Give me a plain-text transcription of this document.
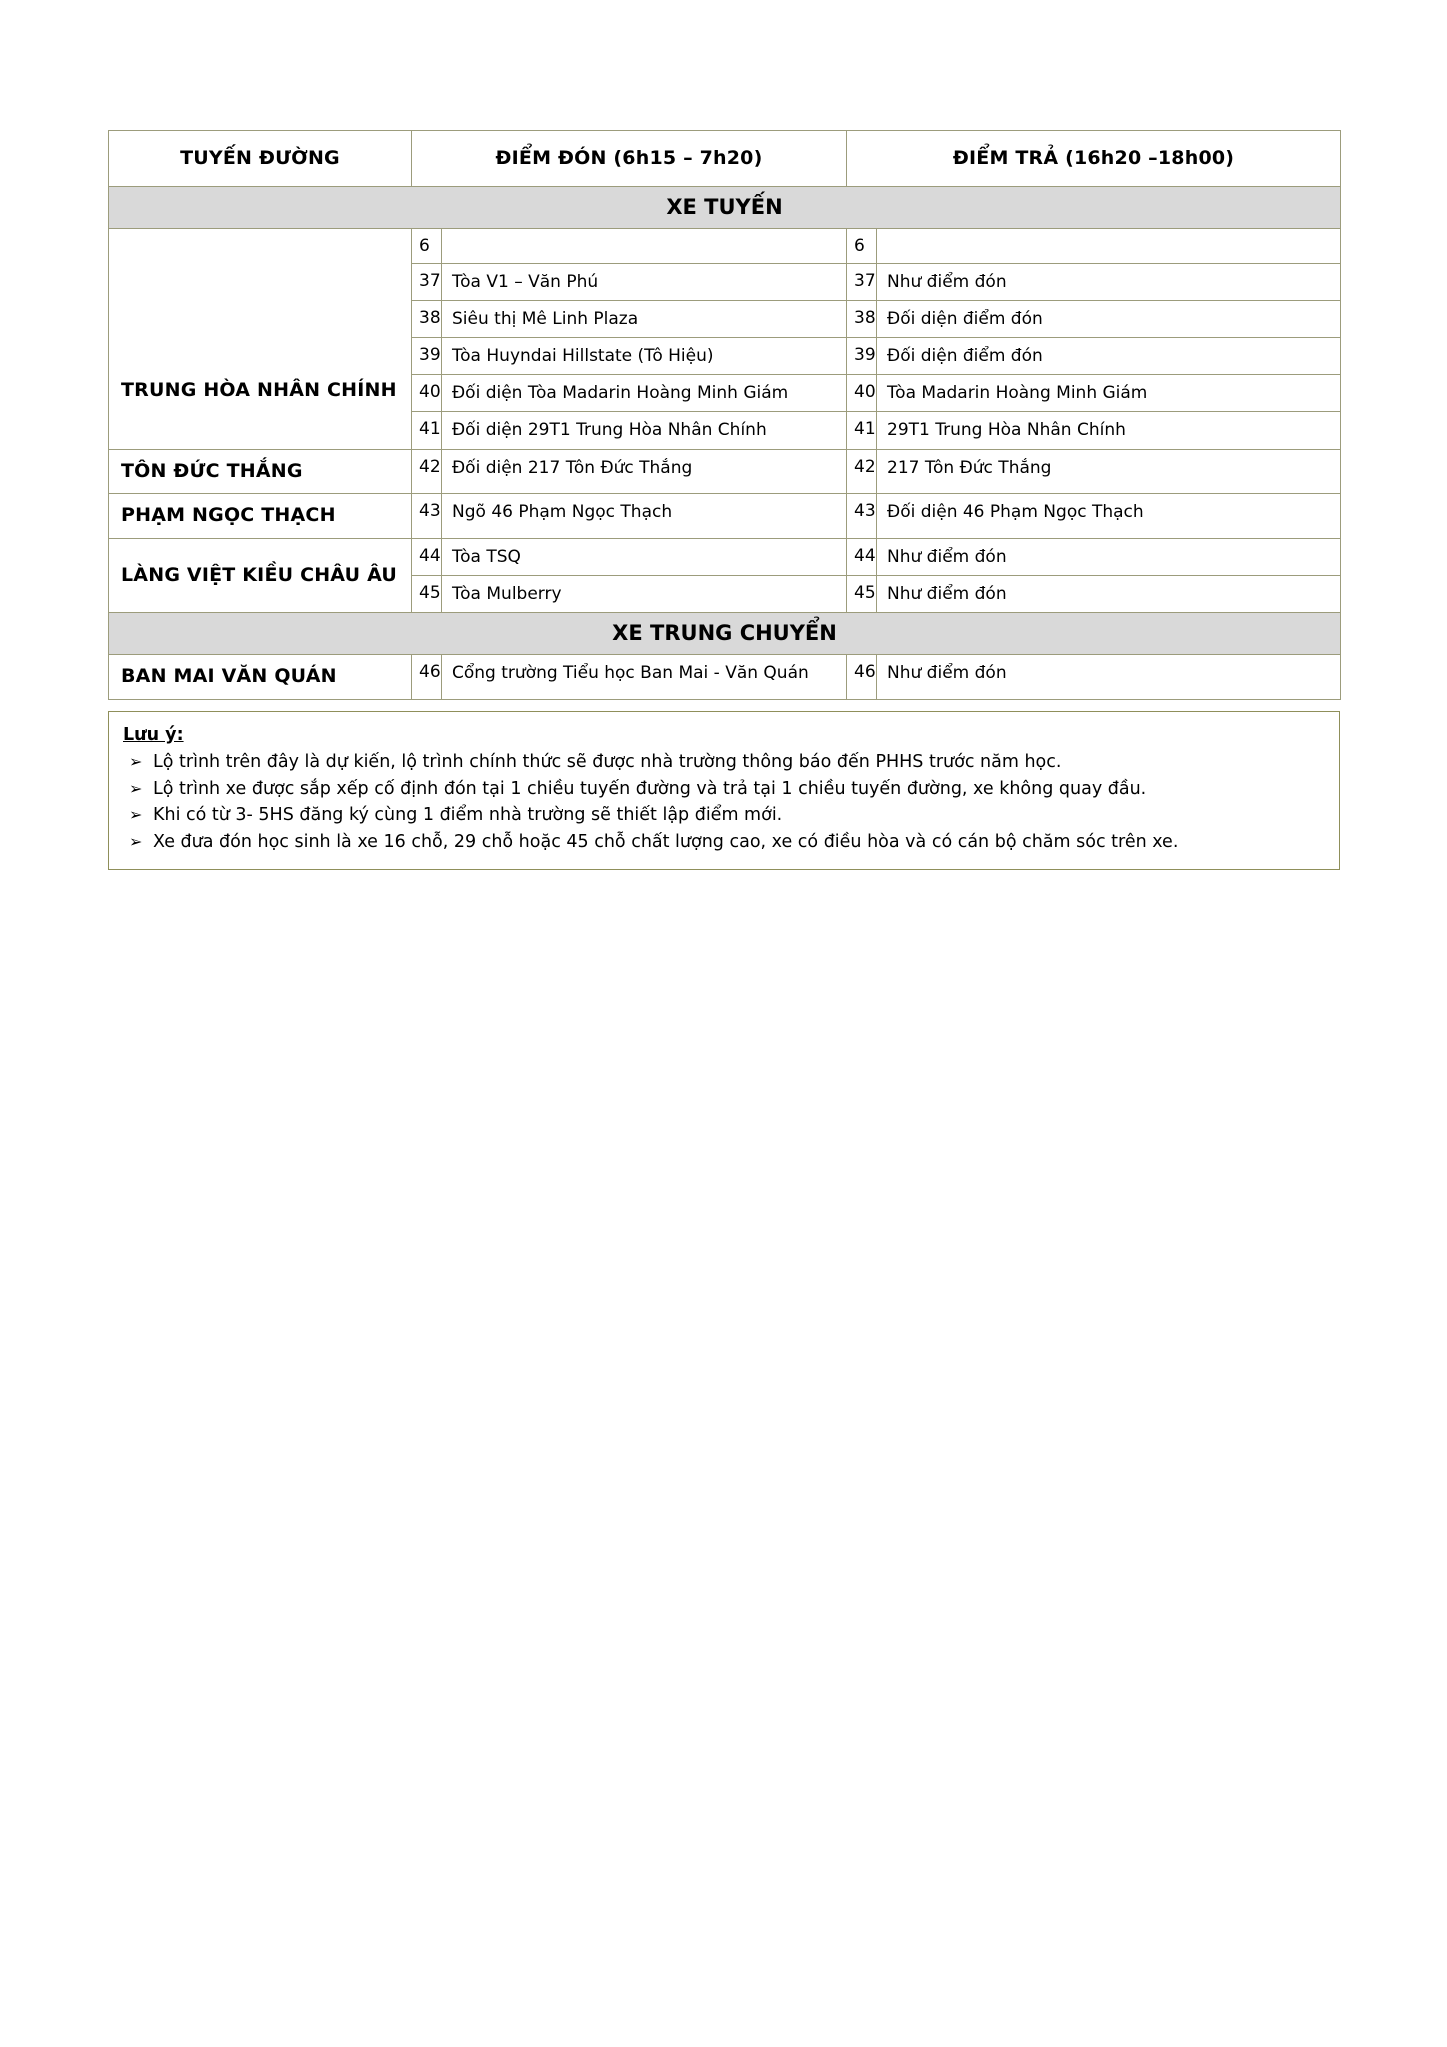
TUYẾN ĐƯỜNG	ĐIỂM ĐÓN (6h15 – 7h20)		ĐIỂM TRẢ (16h20 –18h00)	
XE TUYẾN				

TRUNG HÒA NHÂN CHÍNH	6		6	
	37	Tòa V1 – Văn Phú	37	Như điểm đón
	38	Siêu thị Mê Linh Plaza	38	Đối diện điểm đón
	39	Tòa Huyndai Hillstate (Tô Hiệu)	39	Đối diện điểm đón
	40	Đối diện Tòa Madarin Hoàng Minh Giám	40	Tòa Madarin Hoàng Minh Giám
	41	Đối diện 29T1 Trung Hòa Nhân Chính	41	29T1 Trung Hòa Nhân Chính
TÔN ĐỨC THẮNG	42	Đối diện 217 Tôn Đức Thắng	42	217 Tôn Đức Thắng
PHẠM NGỌC THẠCH	43	Ngõ 46 Phạm Ngọc Thạch	43	Đối diện 46 Phạm Ngọc Thạch
LÀNG VIỆT KIỀU CHÂU ÂU	44	Tòa TSQ	44	Như điểm đón
	45	Tòa Mulberry	45	Như điểm đón
XE TRUNG CHUYỂN				
BAN MAI VĂN QUÁN	46	Cổng trường Tiểu học Ban Mai - Văn Quán	46	Như điểm đón
Lưu ý:
➢ Lộ trình trên đây là dự kiến, lộ trình chính thức sẽ được nhà trường thông báo đến PHHS trước năm học.
➢ Lộ trình xe được sắp xếp cố định đón tại 1 chiều tuyến đường và trả tại 1 chiều tuyến đường, xe không quay đầu.
➢ Khi có từ 3- 5HS đăng ký cùng 1 điểm nhà trường sẽ thiết lập điểm mới.
➢ Xe đưa đón học sinh là xe 16 chỗ, 29 chỗ hoặc 45 chỗ chất lượng cao, xe có điều hòa và có cán bộ chăm sóc trên xe.
